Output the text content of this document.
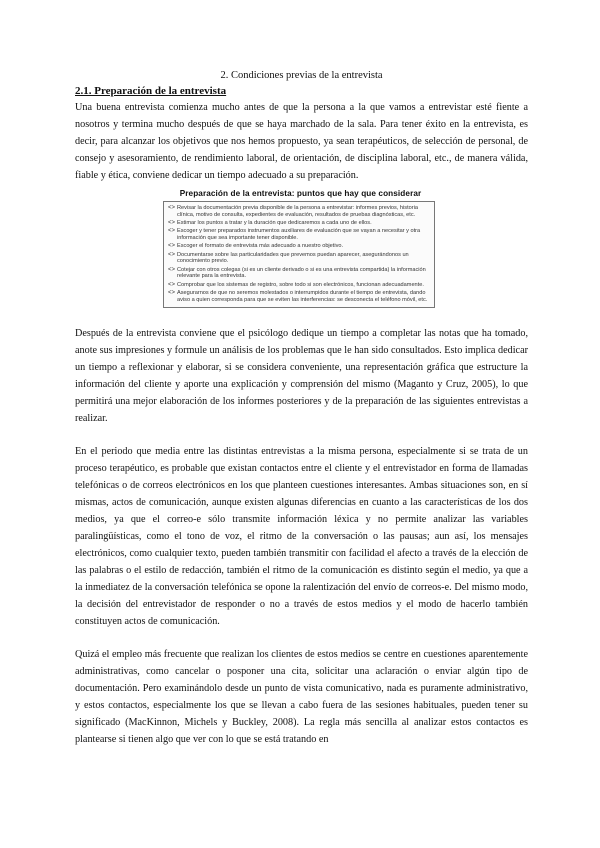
2. Condiciones previas de la entrevista
2.1. Preparación de la entrevista

Una buena entrevista comienza mucho antes de que la persona a la que vamos a entrevistar esté fiente a nosotros y termina mucho después de que se haya marchado de la sala. Para tener éxito en la entrevista, es decir, para alcanzar los objetivos que nos hemos propuesto, ya sean terapéuticos, de selección de personal, de consejo y asesoramiento, de rendimiento laboral, de orientación, de disciplina laboral, etc., de manera válida, fiable y ética, conviene dedicar un tiempo adecuado a su preparación.

Preparación de la entrevista: puntos que hay que considerar
<> Revisar la documentación previa disponible de la persona a entrevistar: informes previos, historia clínica, motivo de consulta, expedientes de evaluación, resultados de pruebas diagnósticas, etc.
<> Estimar los puntos a tratar y la duración que dedicaremos a cada uno de ellos.
<> Escoger y tener preparados instrumentos auxiliares de evaluación que se vayan a necesitar y otra información que sea importante tener disponible.
<> Escoger el formato de entrevista más adecuado a nuestro objetivo.
<> Documentarse sobre las particularidades que prevemos puedan aparecer, asegurándonos un conocimiento previo.
<> Cotejar con otros colegas (si es un cliente derivado o si es una entrevista compartida) la información relevante para la entrevista.
<> Comprobar que los sistemas de registro, sobre todo si son electrónicos, funcionan adecuadamente.
<> Asegurarnos de que no seremos molestados o interrumpidos durante el tiempo de entrevista, dando aviso a quien corresponda para que se eviten las interferencias: se desconecta el teléfono móvil, etc.

Después de la entrevista conviene que el psicólogo dedique un tiempo a completar las notas que ha tomado, anote sus impresiones y formule un análisis de los problemas que le han sido consultados. Esto implica dedicar un tiempo a reflexionar y elaborar, si se considera conveniente, una representación gráfica que estructure la información del cliente y aporte una explicación y comprensión del mismo (Maganto y Cruz, 2005), lo que permitirá una mejor elaboración de los informes posteriores y de la preparación de las siguientes entrevistas a realizar.

En el periodo que media entre las distintas entrevistas a la misma persona, especialmente si se trata de un proceso terapéutico, es probable que existan contactos entre el cliente y el entrevistador en forma de llamadas telefónicas o de correos electrónicos en los que planteen cuestiones interesantes. Ambas situaciones son, en sí mismas, actos de comunicación, aunque existen algunas diferencias en cuanto a las características de los dos medios, ya que el correo-e sólo transmite información léxica y no permite analizar las variables paralingüísticas, como el tono de voz, el ritmo de la conversación o las pausas; aun así, los mensajes electrónicos, como cualquier texto, pueden también transmitir con facilidad el afecto a través de la elección de las palabras o el estilo de redacción, también el ritmo de la comunicación es distinto según el medio, ya que a la inmediatez de la conversación telefónica se opone la ralentización del envío de correos-e. Del mismo modo, la decisión del entrevistador de responder o no a través de estos medios y el modo de hacerlo también constituyen actos de comunicación.

Quizá el empleo más frecuente que realizan los clientes de estos medios se centre en cuestiones aparentemente administrativas, como cancelar o posponer una cita, solicitar una aclaración o enviar algún tipo de documentación. Pero examinándolo desde un punto de vista comunicativo, nada es puramente administrativo, y estos contactos, especialmente los que se llevan a cabo fuera de las sesiones habituales, pueden tener su significado (MacKinnon, Michels y Buckley, 2008). La regla más sencilla al analizar estos contactos es plantearse si tienen algo que ver con lo que se está tratando en
